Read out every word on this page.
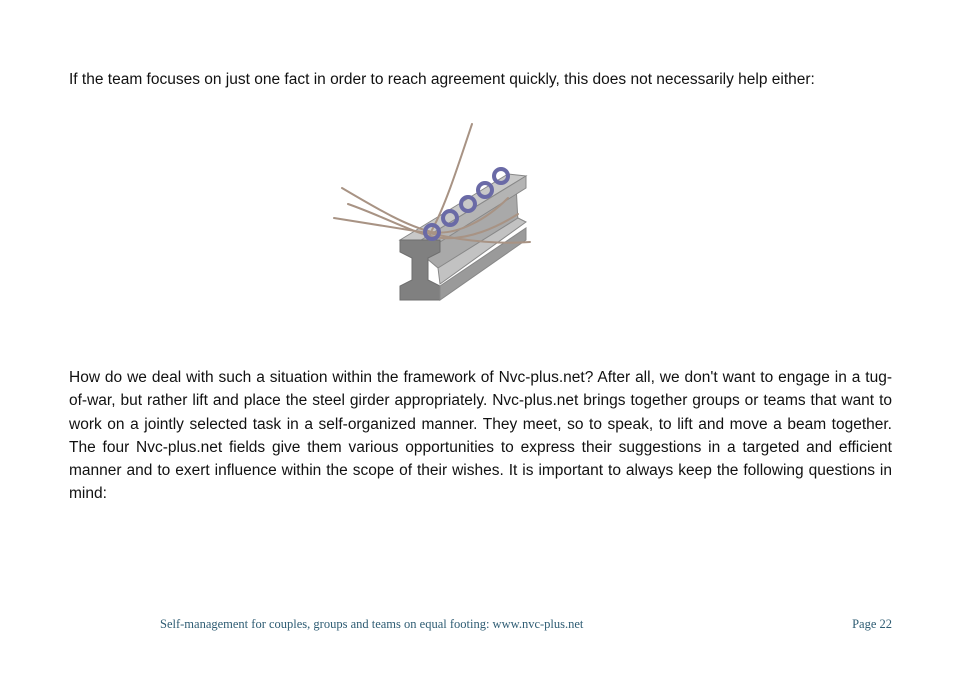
If the team focuses on just one fact in order to reach agreement quickly, this does not necessarily help either:

How do we deal with such a situation within the framework of Nvc-plus.net? After all, we don't want to engage in a tug-of-war, but rather lift and place the steel girder appropriately. Nvc-plus.net brings together groups or teams that want to work on a jointly selected task in a self-organized manner. They meet, so to speak, to lift and move a beam together. The four Nvc-plus.net fields give them various opportunities to express their suggestions in a targeted and efficient manner and to exert influence within the scope of their wishes. It is important to always keep the following questions in mind:

Self-management for couples, groups and teams on equal footing: www.nvc-plus.net	Page 22
